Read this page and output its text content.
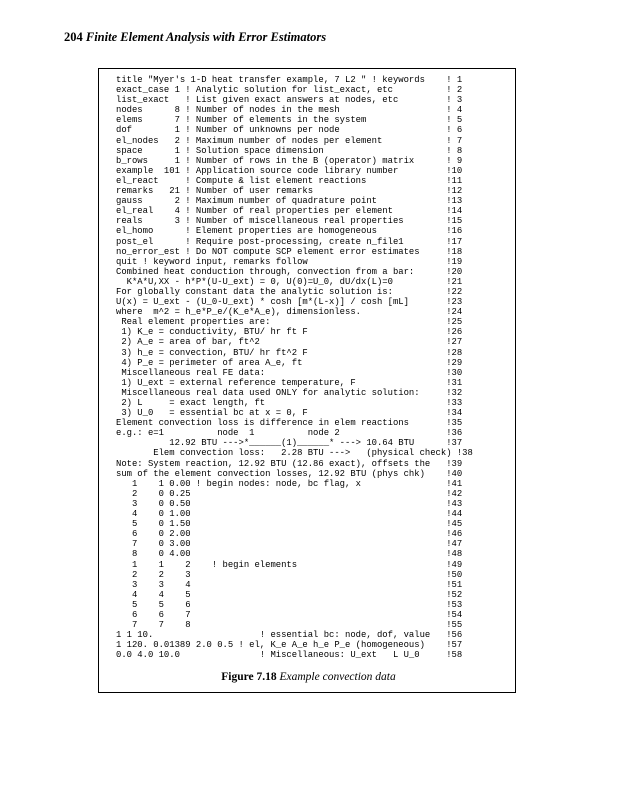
204 Finite Element Analysis with Error Estimators
title "Myer's 1-D heat transfer example, 7 L2 " ! keywords    ! 1
exact_case 1 ! Analytic solution for list_exact, etc          ! 2
list_exact   ! List given exact answers at nodes, etc         ! 3
nodes      8 ! Number of nodes in the mesh                    ! 4
elems      7 ! Number of elements in the system               ! 5
dof        1 ! Number of unknowns per node                    ! 6
el_nodes   2 ! Maximum number of nodes per element            ! 7
space      1 ! Solution space dimension                       ! 8
b_rows     1 ! Number of rows in the B (operator) matrix      ! 9
example  101 ! Application source code library number         !10
el_react     ! Compute & list element reactions               !11
remarks   21 ! Number of user remarks                         !12
gauss      2 ! Maximum number of quadrature point             !13
el_real    4 ! Number of real properties per element          !14
reals      3 ! Number of miscellaneous real properties        !15
el_homo      ! Element properties are homogeneous             !16
post_el      ! Require post-processing, create n_file1        !17
no_error_est ! Do NOT compute SCP element error estimates     !18
quit ! keyword input, remarks follow                          !19
Combined heat conduction through, convection from a bar:      !20
K*A*U,XX - h*P*(U-U_ext) = 0, U(0)=U_0, dU/dx(L)=0          !21
For globally constant data the analytic solution is:          !22
U(x) = U_ext - (U_0-U_ext) * cosh [m*(L-x)] / cosh [mL]       !23
where  m^2 = h_e*P_e/(K_e*A_e), dimensionless.                !24
Real element properties are:                                 !25
1) K_e = conductivity, BTU/ hr ft F                          !26
2) A_e = area of bar, ft^2                                   !27
3) h_e = convection, BTU/ hr ft^2 F                          !28
4) P_e = perimeter of area A_e, ft                           !29
Miscellaneous real FE data:                                  !30
1) U_ext = external reference temperature, F                 !31
Miscellaneous real data used ONLY for analytic solution:     !32
2) L     = exact length, ft                                  !33
3) U_0   = essential bc at x = 0, F                          !34
Element convection loss is difference in elem reactions       !35
e.g.: e=1          node  1          node 2                    !36
12.92 BTU --->*______(1)______* ---> 10.64 BTU      !37
Elem convection loss:   2.28 BTU --->   (physical check) !38
Note: System reaction, 12.92 BTU (12.86 exact), offsets the   !39
sum of the element convection losses, 12.92 BTU (phys chk)    !40
1    1 0.00 ! begin nodes: node, bc flag, x                !41
2    0 0.25                                                !42
3    0 0.50                                                !43
4    0 1.00                                                !44
5    0 1.50                                                !45
6    0 2.00                                                !46
7    0 3.00                                                !47
8    0 4.00                                                !48
1    1    2    ! begin elements                            !49
2    2    3                                                !50
3    3    4                                                !51
4    4    5                                                !52
5    5    6                                                !53
6    6    7                                                !54
7    7    8                                                !55
1 1 10.                    ! essential bc: node, dof, value   !56
1 120. 0.01389 2.0 0.5 ! el, K_e A_e h_e P_e (homogeneous)    !57
0.0 4.0 10.0               ! Miscellaneous: U_ext   L U_0     !58
Figure 7.18 Example convection data
